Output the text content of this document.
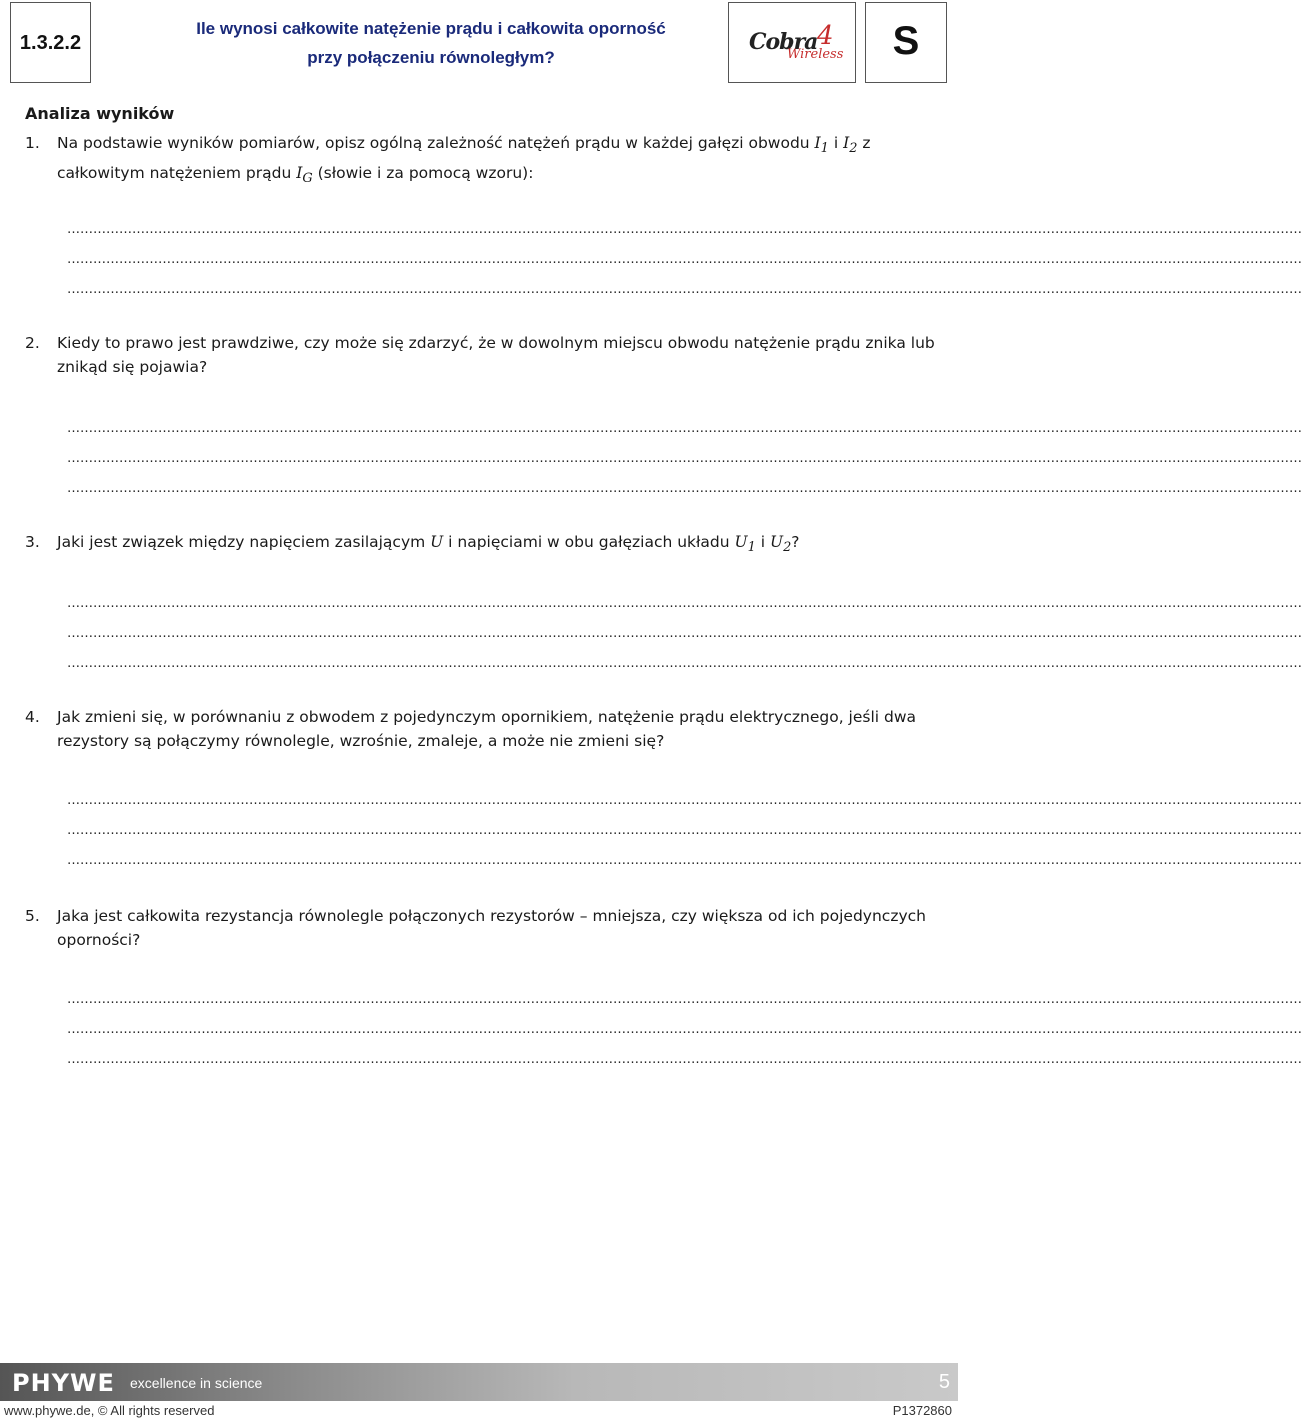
1.3.2.2
Ile wynosi całkowite natężenie prądu i całkowita oporność
przy połączeniu równoległym?
Cobra 4
Wireless	S
Analiza wyników
1. Na podstawie wyników pomiarów, opisz ogólną zależność natężeń prądu w każdej gałęzi obwodu $I_1$ i $I_2$ z całkowitym natężeniem prądu $I_G$ (słowie i za pomocą wzoru):
……………………………………………………………………………………………………………………………………………………………………………………………………………………………………………………………
……………………………………………………………………………………………………………………………………………………………………………………………………………………………………………………………
……………………………………………………………………………………………………………………………………………………………………………………………………………………………………………………………
2. Kiedy to prawo jest prawdziwe, czy może się zdarzyć, że w dowolnym miejscu obwodu natężenie prądu znika lub znikąd się pojawia?
……………………………………………………………………………………………………………………………………………………………………………………………………………………………………………………………
……………………………………………………………………………………………………………………………………………………………………………………………………………………………………………………………
……………………………………………………………………………………………………………………………………………………………………………………………………………………………………………………………
3. Jaki jest związek między napięciem zasilającym U i napięciami w obu gałęziach układu $U_1$ i $U_2$?
……………………………………………………………………………………………………………………………………………………………………………………………………………………………………………………………
……………………………………………………………………………………………………………………………………………………………………………………………………………………………………………………………
……………………………………………………………………………………………………………………………………………………………………………………………………………………………………………………………
4. Jak zmieni się, w porównaniu z obwodem z pojedynczym opornikiem, natężenie prądu elektrycznego, jeśli dwa rezystory są połączymy równolegle, wzrośnie, zmaleje, a może nie zmieni się?
……………………………………………………………………………………………………………………………………………………………………………………………………………………………………………………………
……………………………………………………………………………………………………………………………………………………………………………………………………………………………………………………………
……………………………………………………………………………………………………………………………………………………………………………………………………………………………………………………………
5. Jaka jest całkowita rezystancja równolegle połączonych rezystorów – mniejsza, czy większa od ich pojedynczych oporności?
……………………………………………………………………………………………………………………………………………………………………………………………………………………………………………………………
……………………………………………………………………………………………………………………………………………………………………………………………………………………………………………………………
……………………………………………………………………………………………………………………………………………………………………………………………………………………………………………………………
PHYWE excellence in science	5
www.phywe.de, © All rights reserved	P1372860
